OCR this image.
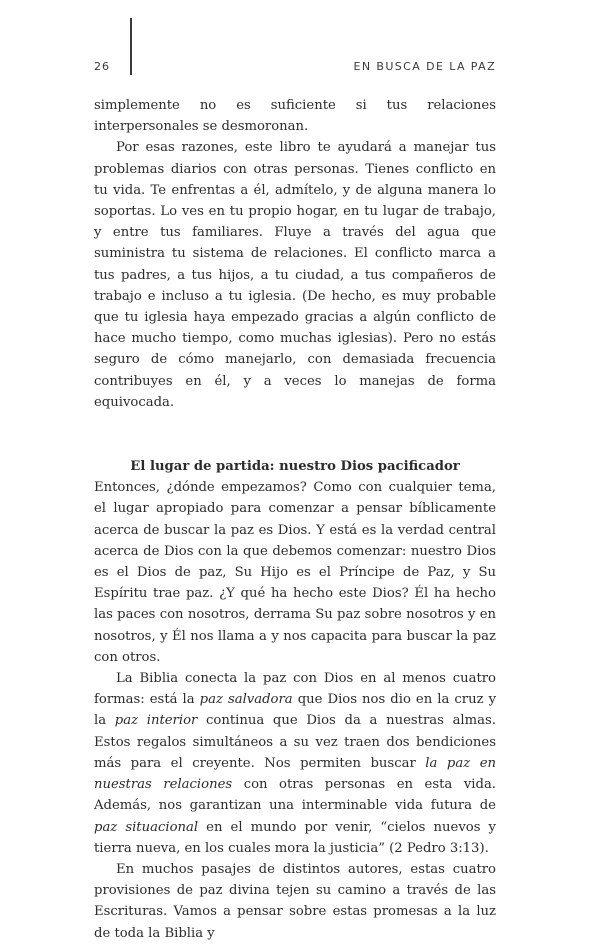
26	EN BUSCA DE LA PAZ

simplemente no es suficiente si tus relaciones interpersonales se desmoronan.

Por esas razones, este libro te ayudará a manejar tus problemas diarios con otras personas. Tienes conflicto en tu vida. Te enfrentas a él, admítelo, y de alguna manera lo soportas. Lo ves en tu propio hogar, en tu lugar de trabajo, y entre tus familiares. Fluye a través del agua que suministra tu sistema de relaciones. El conflicto marca a tus padres, a tus hijos, a tu ciudad, a tus compañeros de trabajo e incluso a tu iglesia. (De hecho, es muy probable que tu iglesia haya empezado gracias a algún conflicto de hace mucho tiempo, como muchas iglesias). Pero no estás seguro de cómo manejarlo, con demasiada frecuencia contribuyes en él, y a veces lo manejas de forma equivocada.

El lugar de partida: nuestro Dios pacificador

Entonces, ¿dónde empezamos? Como con cualquier tema, el lugar apropiado para comenzar a pensar bíblicamente acerca de buscar la paz es Dios. Y está es la verdad central acerca de Dios con la que debemos comenzar: nuestro Dios es el Dios de paz, Su Hijo es el Príncipe de Paz, y Su Espíritu trae paz. ¿Y qué ha hecho este Dios? Él ha hecho las paces con nosotros, derrama Su paz sobre nosotros y en nosotros, y Él nos llama a y nos capacita para buscar la paz con otros.

La Biblia conecta la paz con Dios en al menos cuatro formas: está la paz salvadora que Dios nos dio en la cruz y la paz interior continua que Dios da a nuestras almas. Estos regalos simultáneos a su vez traen dos bendiciones más para el creyente. Nos permiten buscar la paz en nuestras relaciones con otras personas en esta vida. Además, nos garantizan una interminable vida futura de paz situacional en el mundo por venir, “cielos nuevos y tierra nueva, en los cuales mora la justicia” (2 Pedro 3:13).

En muchos pasajes de distintos autores, estas cuatro provisiones de paz divina tejen su camino a través de las Escrituras. Vamos a pensar sobre estas promesas a la luz de toda la Biblia y
